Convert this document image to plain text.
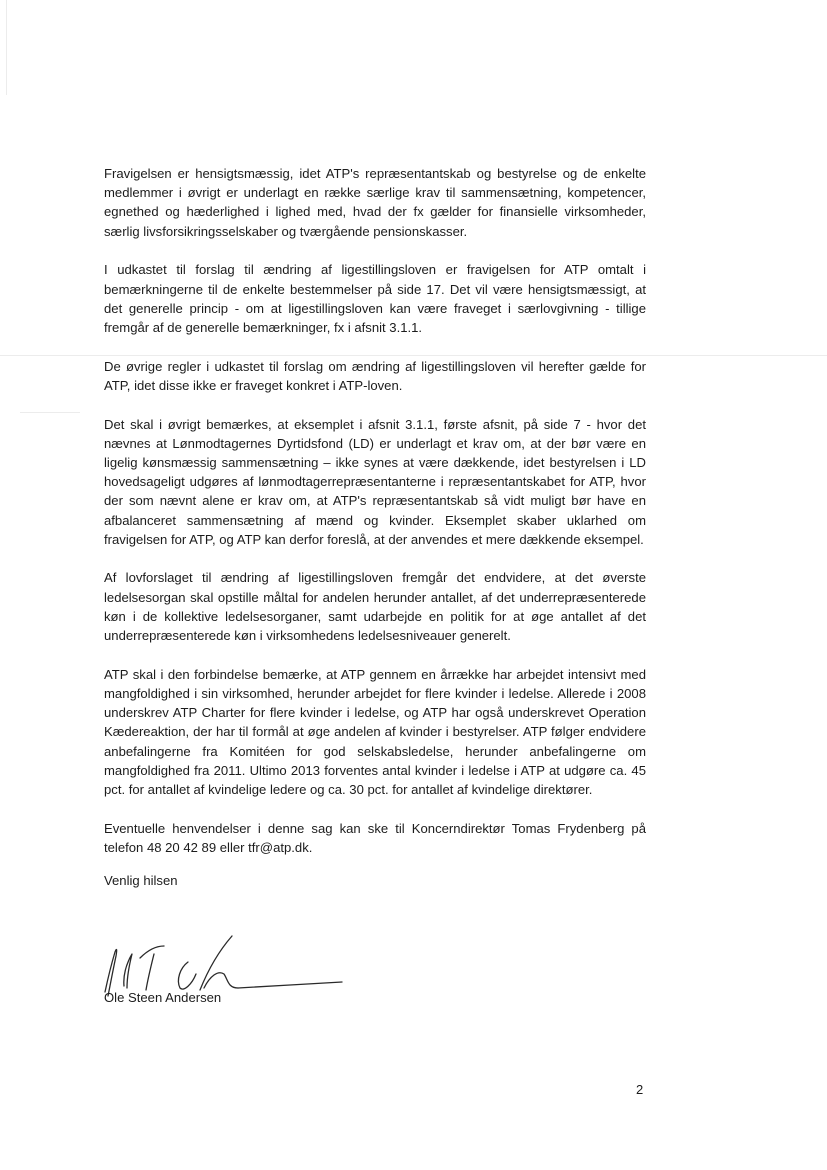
Fravigelsen er hensigtsmæssig, idet ATP's repræsentantskab og bestyrelse og de enkelte medlemmer i øvrigt er underlagt en række særlige krav til sammensætning, kompetencer, egnethed og hæderlighed i lighed med, hvad der fx gælder for finansielle virksomheder, særlig livsforsikringsselskaber og tværgående pensionskasser.

I udkastet til forslag til ændring af ligestillingsloven er fravigelsen for ATP omtalt i bemærkningerne til de enkelte bestemmelser på side 17. Det vil være hensigtsmæssigt, at det generelle princip - om at ligestillingsloven kan være fraveget i særlovgivning - tillige fremgår af de generelle bemærkninger, fx i afsnit 3.1.1.

De øvrige regler i udkastet til forslag om ændring af ligestillingsloven vil herefter gælde for ATP, idet disse ikke er fraveget konkret i ATP-loven.

Det skal i øvrigt bemærkes, at eksemplet i afsnit 3.1.1, første afsnit, på side 7 - hvor det nævnes at Lønmodtagernes Dyrtidsfond (LD) er underlagt et krav om, at der bør være en ligelig kønsmæssig sammensætning – ikke synes at være dækkende, idet bestyrelsen i LD hovedsageligt udgøres af lønmodtagerrepræsentanterne i repræsentantskabet for ATP, hvor der som nævnt alene er krav om, at ATP's repræsentantskab så vidt muligt bør have en afbalanceret sammensætning af mænd og kvinder. Eksemplet skaber uklarhed om fravigelsen for ATP, og ATP kan derfor foreslå, at der anvendes et mere dækkende eksempel.

Af lovforslaget til ændring af ligestillingsloven fremgår det endvidere, at det øverste ledelsesorgan skal opstille måltal for andelen herunder antallet, af det underrepræsenterede køn i de kollektive ledelsesorganer, samt udarbejde en politik for at øge antallet af det underrepræsenterede køn i virksomhedens ledelsesniveauer generelt.

ATP skal i den forbindelse bemærke, at ATP gennem en årrække har arbejdet intensivt med mangfoldighed i sin virksomhed, herunder arbejdet for flere kvinder i ledelse. Allerede i 2008 underskrev ATP Charter for flere kvinder i ledelse, og ATP har også underskrevet Operation Kædereaktion, der har til formål at øge andelen af kvinder i bestyrelser. ATP følger endvidere anbefalingerne fra Komitéen for god selskabsledelse, herunder anbefalingerne om mangfoldighed fra 2011. Ultimo 2013 forventes antal kvinder i ledelse i ATP at udgøre ca. 45 pct. for antallet af kvindelige ledere og ca. 30 pct. for antallet af kvindelige direktører.

Eventuelle henvendelser i denne sag kan ske til Koncerndirektør Tomas Frydenberg på telefon 48 20 42 89 eller tfr@atp.dk.

Venlig hilsen

Ole Steen Andersen
2
